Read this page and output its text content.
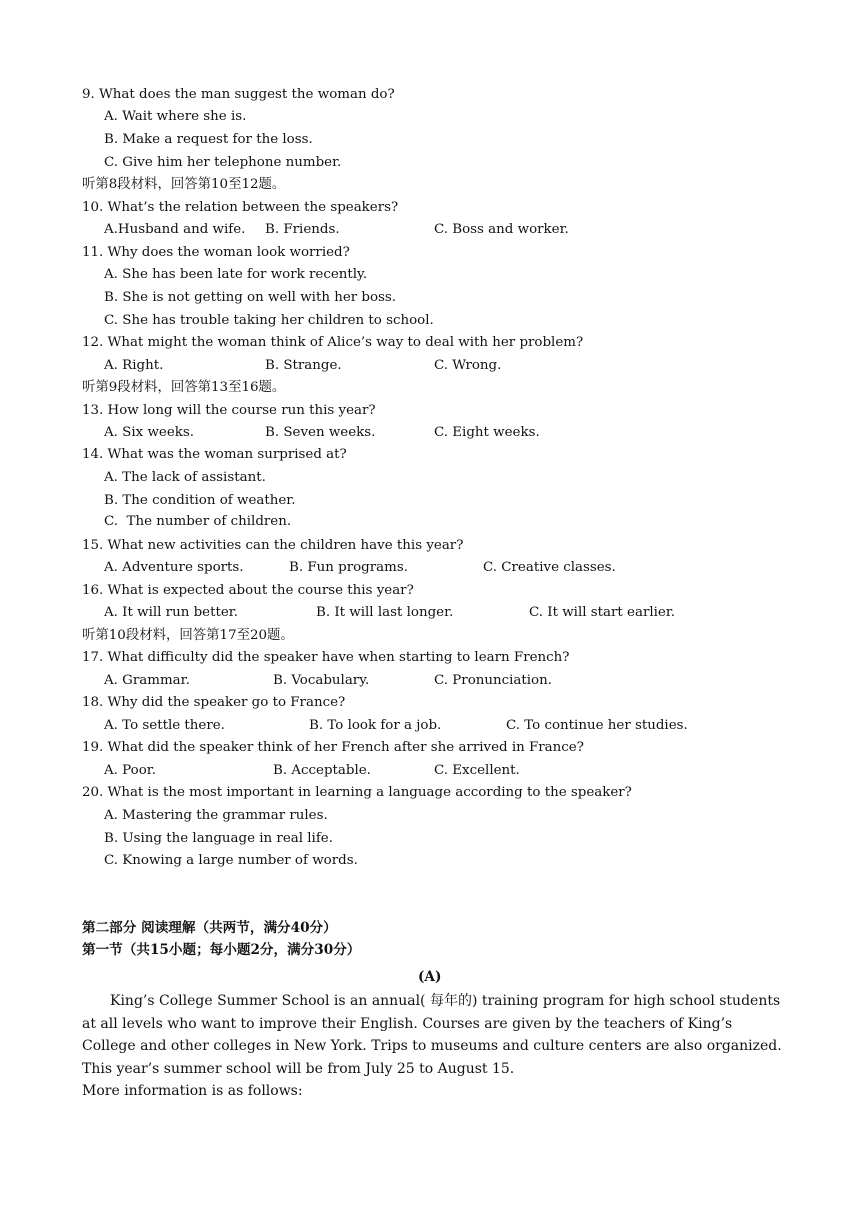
9. What does the man suggest the woman do?
A. Wait where she is.
B. Make a request for the loss.
C. Give him her telephone number.
听第8段材料，回答第10至12题。
10. What’s the relation between the speakers?
A.Husband and wife. B. Friends.	C. Boss and worker.
11. Why does the woman look worried?
A. She has been late for work recently.
B. She is not getting on well with her boss.
C. She has trouble taking her children to school.
12. What might the woman think of Alice’s way to deal with her problem?
A. Right.	B. Strange.	C. Wrong.
听第9段材料，回答第13至16题。
13. How long will the course run this year?
A. Six weeks.	B. Seven weeks.	C. Eight weeks.
14. What was the woman surprised at?
A. The lack of assistant.
B. The condition of weather.
C.  The number of children.
15. What new activities can the children have this year?
A. Adventure sports.	B. Fun programs.	C. Creative classes.
16. What is expected about the course this year?
A. It will run better.	B. It will last longer.	C. It will start earlier.
听第10段材料，回答第17至20题。
17. What difficulty did the speaker have when starting to learn French?
A. Grammar.	B. Vocabulary.	C. Pronunciation.
18. Why did the speaker go to France?
A. To settle there.	B. To look for a job.	C. To continue her studies.
19. What did the speaker think of her French after she arrived in France?
A. Poor.	B. Acceptable.	C. Excellent.
20. What is the most important in learning a language according to the speaker?
A. Mastering the grammar rules.
B. Using the language in real life.
C. Knowing a large number of words.
第二部分 阅读理解（共两节，满分40分）
第一节（共15小题；每小题2分，满分30分）
(A)
King’s College Summer School is an annual( 每年的) training program for high school students
at all levels who want to improve their English. Courses are given by the teachers of King’s
College and other colleges in New York. Trips to museums and culture centers are also organized.
This year’s summer school will be from July 25 to August 15.
More information is as follows:
